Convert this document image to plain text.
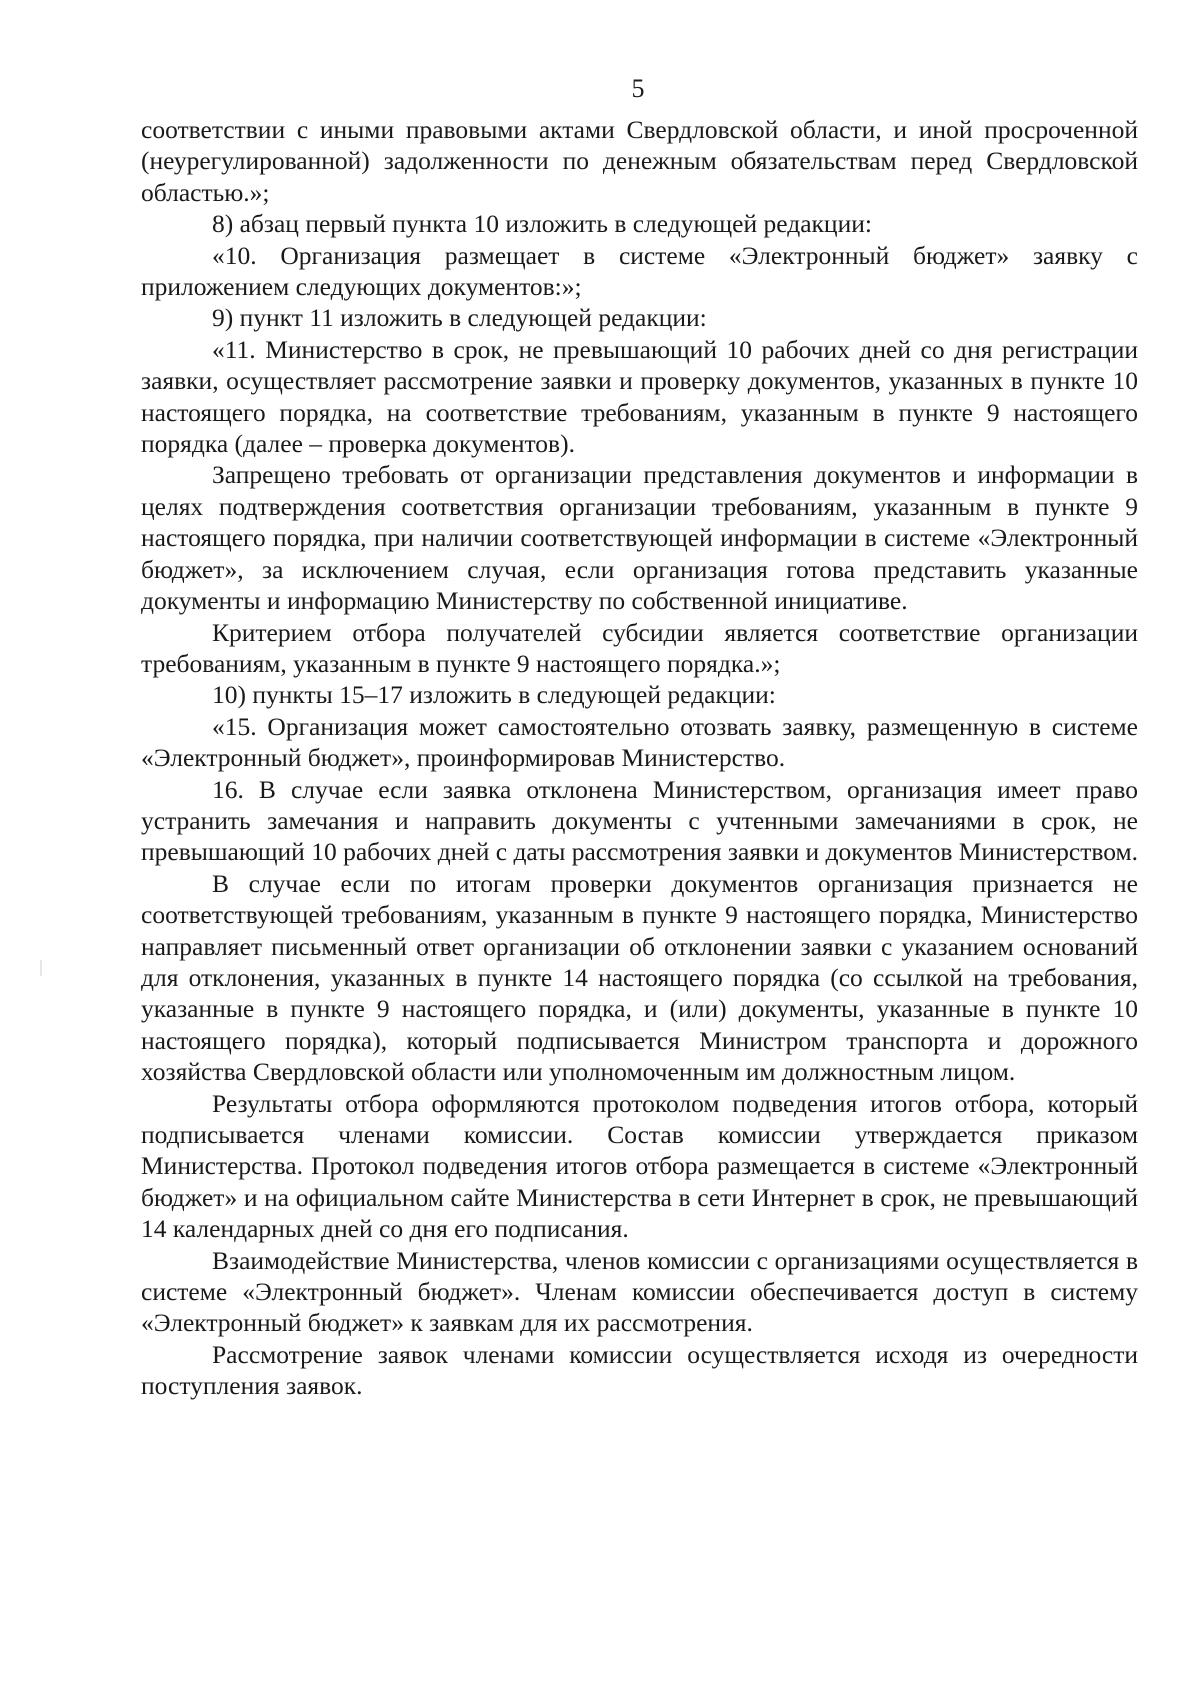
5

соответствии с иными правовыми актами Свердловской области, и иной просроченной (неурегулированной) задолженности по денежным обязательствам перед Свердловской областью.»;

8) абзац первый пункта 10 изложить в следующей редакции:

«10. Организация размещает в системе «Электронный бюджет» заявку с приложением следующих документов:»;

9) пункт 11 изложить в следующей редакции:

«11. Министерство в срок, не превышающий 10 рабочих дней со дня регистрации заявки, осуществляет рассмотрение заявки и проверку документов, указанных в пункте 10 настоящего порядка, на соответствие требованиям, указанным в пункте 9 настоящего порядка (далее – проверка документов).

Запрещено требовать от организации представления документов и информации в целях подтверждения соответствия организации требованиям, указанным в пункте 9 настоящего порядка, при наличии соответствующей информации в системе «Электронный бюджет», за исключением случая, если организация готова представить указанные документы и информацию Министерству по собственной инициативе.

Критерием отбора получателей субсидии является соответствие организации требованиям, указанным в пункте 9 настоящего порядка.»;

10) пункты 15–17 изложить в следующей редакции:

«15. Организация может самостоятельно отозвать заявку, размещенную в системе «Электронный бюджет», проинформировав Министерство.

16. В случае если заявка отклонена Министерством, организация имеет право устранить замечания и направить документы с учтенными замечаниями в срок, не превышающий 10 рабочих дней с даты рассмотрения заявки и документов Министерством.

В случае если по итогам проверки документов организация признается не соответствующей требованиям, указанным в пункте 9 настоящего порядка, Министерство направляет письменный ответ организации об отклонении заявки с указанием оснований для отклонения, указанных в пункте 14 настоящего порядка (со ссылкой на требования, указанные в пункте 9 настоящего порядка, и (или) документы, указанные в пункте 10 настоящего порядка), который подписывается Министром транспорта и дорожного хозяйства Свердловской области или уполномоченным им должностным лицом.

Результаты отбора оформляются протоколом подведения итогов отбора, который подписывается членами комиссии. Состав комиссии утверждается приказом Министерства. Протокол подведения итогов отбора размещается в системе «Электронный бюджет» и на официальном сайте Министерства в сети Интернет в срок, не превышающий 14 календарных дней со дня его подписания.

Взаимодействие Министерства, членов комиссии с организациями осуществляется в системе «Электронный бюджет». Членам комиссии обеспечивается доступ в систему «Электронный бюджет» к заявкам для их рассмотрения.

Рассмотрение заявок членами комиссии осуществляется исходя из очередности поступления заявок.
